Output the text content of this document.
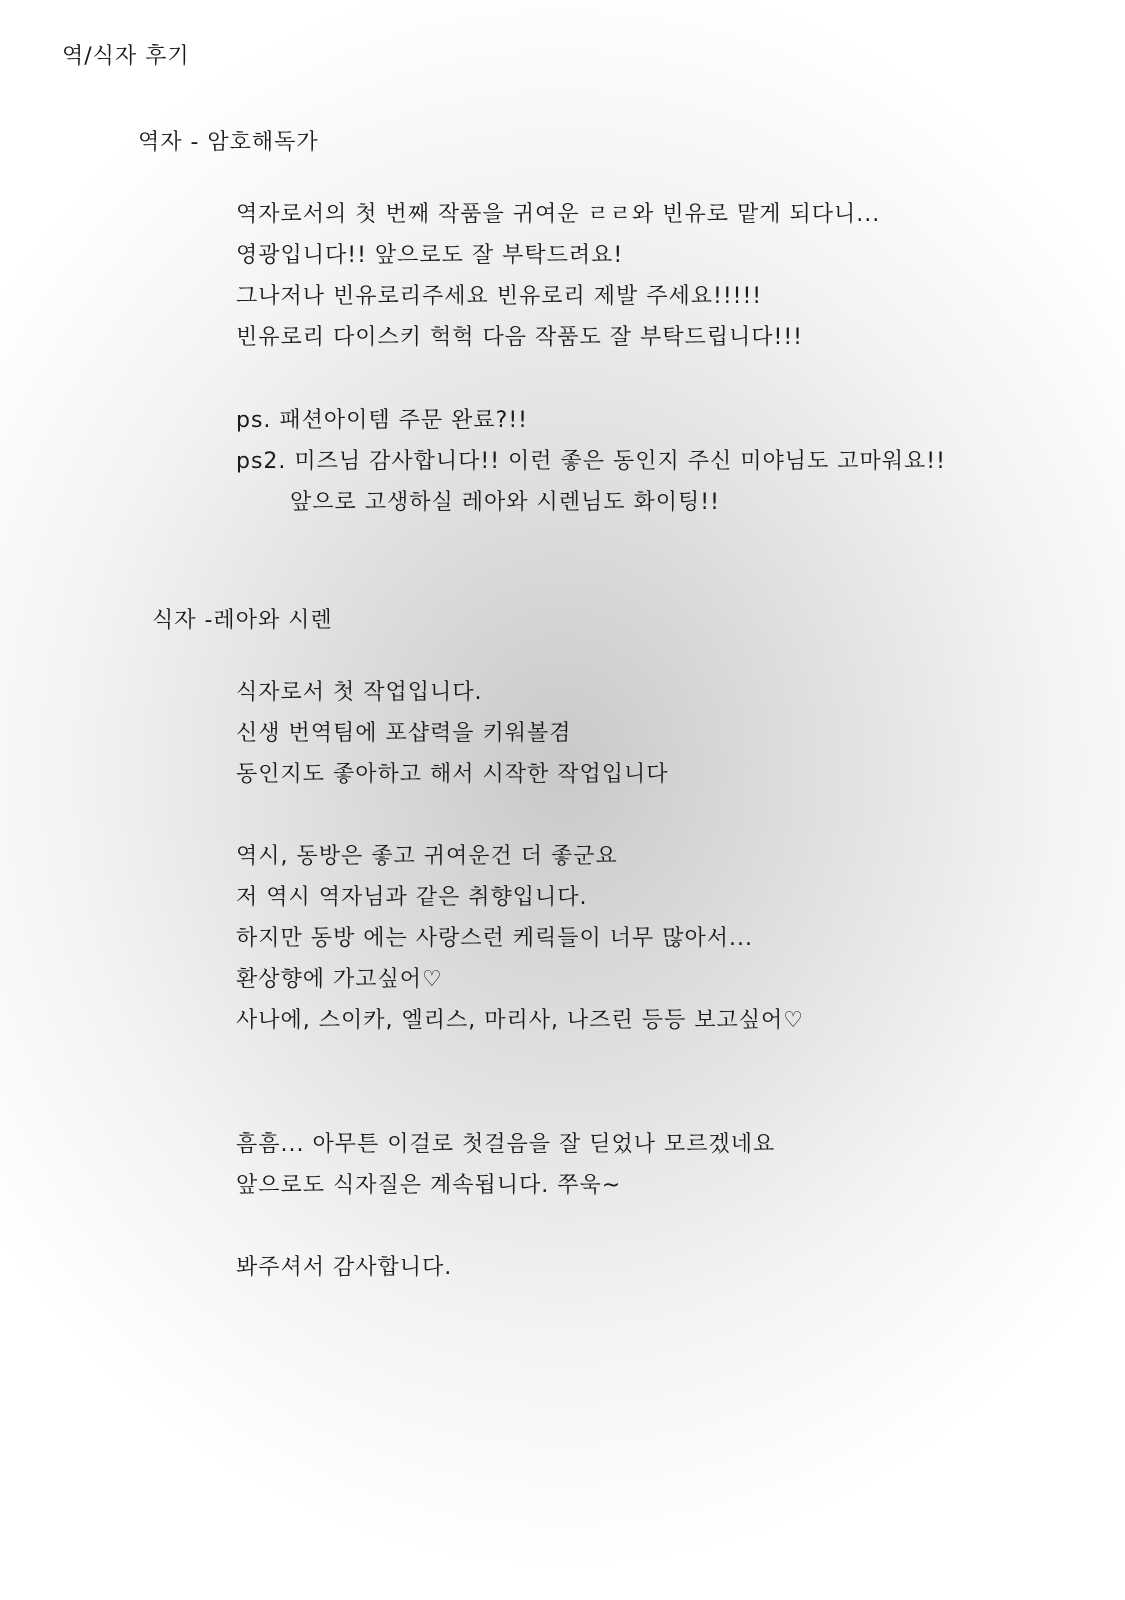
역/식자 후기
역자 - 암호해독가
역자로서의 첫 번째 작품을 귀여운 ㄹㄹ와 빈유로 맡게 되다니...
영광입니다!! 앞으로도 잘 부탁드려요!
그나저나 빈유로리주세요 빈유로리 제발 주세요!!!!!
빈유로리 다이스키 헉헉 다음 작품도 잘 부탁드립니다!!!
ps. 패션아이템 주문 완료?!!
ps2. 미즈님 감사합니다!! 이런 좋은 동인지 주신 미야님도 고마워요!!
앞으로 고생하실 레아와 시렌님도 화이팅!!
식자 -레아와 시렌
식자로서 첫 작업입니다.
신생 번역팀에 포샵력을 키워볼겸
동인지도 좋아하고 해서 시작한 작업입니다
역시, 동방은 좋고 귀여운건 더 좋군요
저 역시 역자님과 같은 취향입니다.
하지만 동방 에는 사랑스런 케릭들이 너무 많아서...
환상향에 가고싶어♡
사나에, 스이카, 엘리스, 마리사, 나즈린 등등 보고싶어♡
흠흠... 아무튼 이걸로 첫걸음을 잘 딛었나 모르겠네요
앞으로도 식자질은 계속됩니다. 쭈욱~
봐주셔서 감사합니다.
